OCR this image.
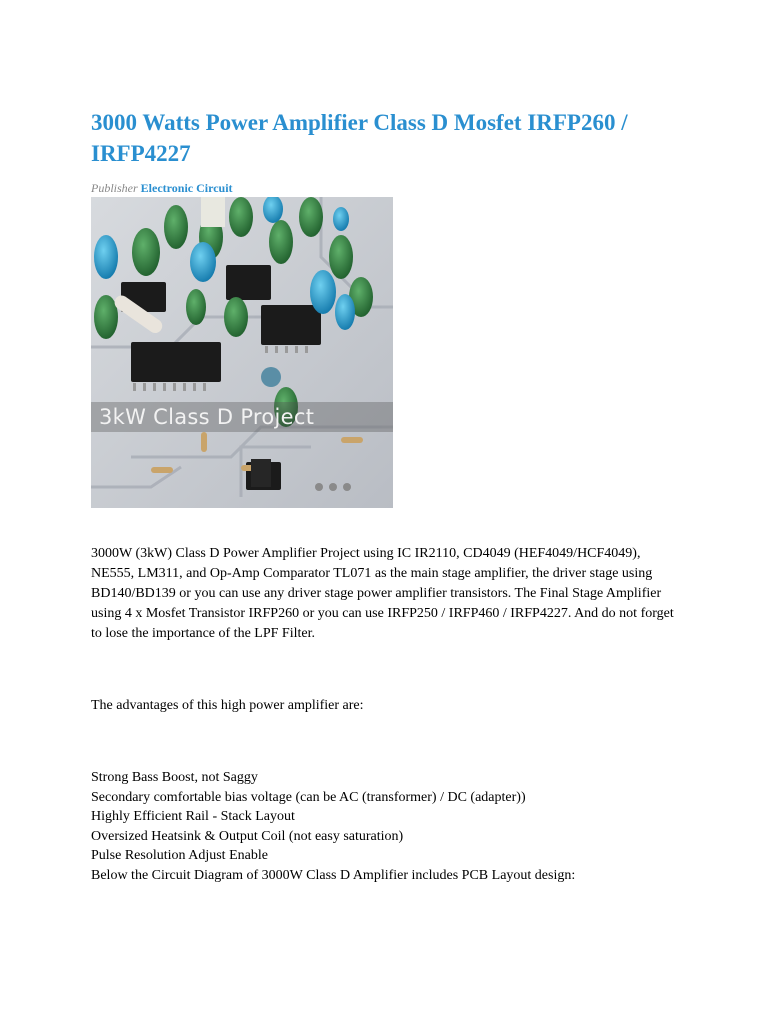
3000 Watts Power Amplifier Class D Mosfet IRFP260 / IRFP4227
Publisher Electronic Circuit
3kW Class D Project
3000W (3kW) Class D Power Amplifier Project using IC IR2110, CD4049 (HEF4049/HCF4049), NE555, LM311, and Op-Amp Comparator TL071 as the main stage amplifier, the driver stage using BD140/BD139 or you can use any driver stage power amplifier transistors. The Final Stage Amplifier using 4 x Mosfet Transistor IRFP260 or you can use IRFP250 / IRFP460 / IRFP4227. And do not forget to lose the importance of the LPF Filter.
The advantages of this high power amplifier are:
Strong Bass Boost, not Saggy
Secondary comfortable bias voltage (can be AC (transformer) / DC (adapter))
Highly Efficient Rail - Stack Layout
Oversized Heatsink & Output Coil (not easy saturation)
Pulse Resolution Adjust Enable
Below the Circuit Diagram of 3000W Class D Amplifier includes PCB Layout design:
